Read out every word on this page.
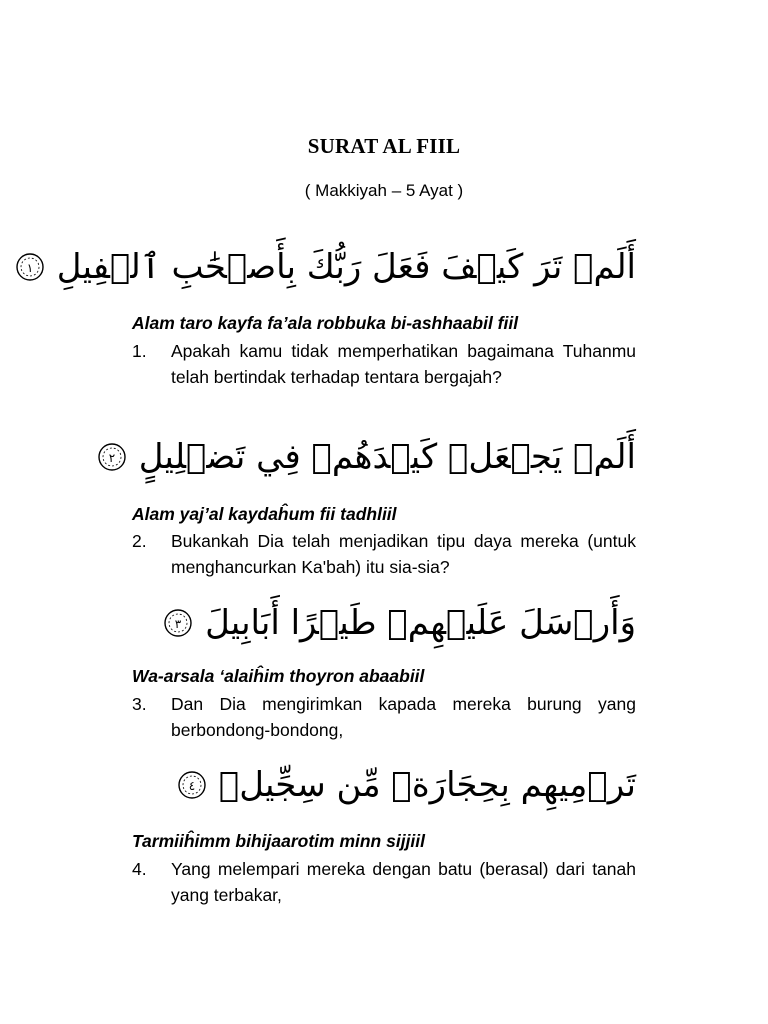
SURAT AL FIIL
( Makkiyah – 5 Ayat )
أَلَمۡ تَرَ كَيۡفَ فَعَلَ رَبُّكَ بِأَصۡحَٰبِ ٱلۡفِيلِ
١
Alam taro kayfa fa’ala robbuka bi-ashhaabil fiil
1.	Apakah kamu tidak memperhatikan bagaimana Tuhanmu telah bertindak terhadap tentara bergajah?
أَلَمۡ يَجۡعَلۡ كَيۡدَهُمۡ فِي تَضۡلِيلٍ
٢
Alam yaj’al kaydaĥum fii tadhliil
2.	Bukankah Dia telah menjadikan tipu daya mereka (untuk menghancurkan Ka'bah) itu sia-sia?
وَأَرۡسَلَ عَلَيۡهِمۡ طَيۡرًا أَبَابِيلَ
٣
Wa-arsala ‘alaiĥim thoyron abaabiil
3.	Dan Dia mengirimkan kapada mereka burung yang berbondong-bondong,
تَرۡمِيهِم بِحِجَارَةٖ مِّن سِجِّيلٖ
٤
Tarmiiĥimm bihijaarotim minn sijjiil
4.	Yang melempari mereka dengan batu (berasal) dari tanah yang terbakar,
